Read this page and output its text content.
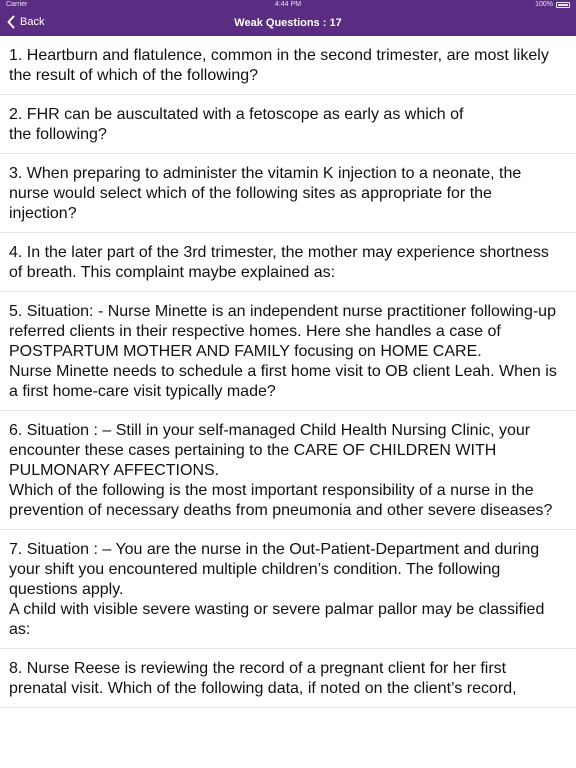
Carrier	4:44 PM	100%
Back	Weak Questions : 17
1. Heartburn and flatulence, common in the second trimester, are most likely the result of which of the following?
2. FHR can be auscultated with a fetoscope as early as which of
the following?
3. When preparing to administer the vitamin K injection to a neonate, the nurse would select which of the following sites as appropriate for the injection?
4. In the later part of the 3rd trimester, the mother may experience shortness of breath. This complaint maybe explained as:
5. Situation: - Nurse Minette is an independent nurse practitioner following-up referred clients in their respective homes. Here she handles a case of POSTPARTUM MOTHER AND FAMILY focusing on HOME CARE.
Nurse Minette needs to schedule a first home visit to OB client Leah. When is a first home-care visit typically made?
6. Situation : – Still in your self-managed Child Health Nursing Clinic, your encounter these cases pertaining to the CARE OF CHILDREN WITH PULMONARY AFFECTIONS.
Which of the following is the most important responsibility of a nurse in the prevention of necessary deaths from pneumonia and other severe diseases?
7. Situation : – You are the nurse in the Out-Patient-Department and during your shift you encountered multiple children’s condition. The following questions apply.
A child with visible severe wasting or severe palmar pallor may be classified as:
8. Nurse Reese is reviewing the record of a pregnant client for her first prenatal visit. Which of the following data, if noted on the client’s record,
